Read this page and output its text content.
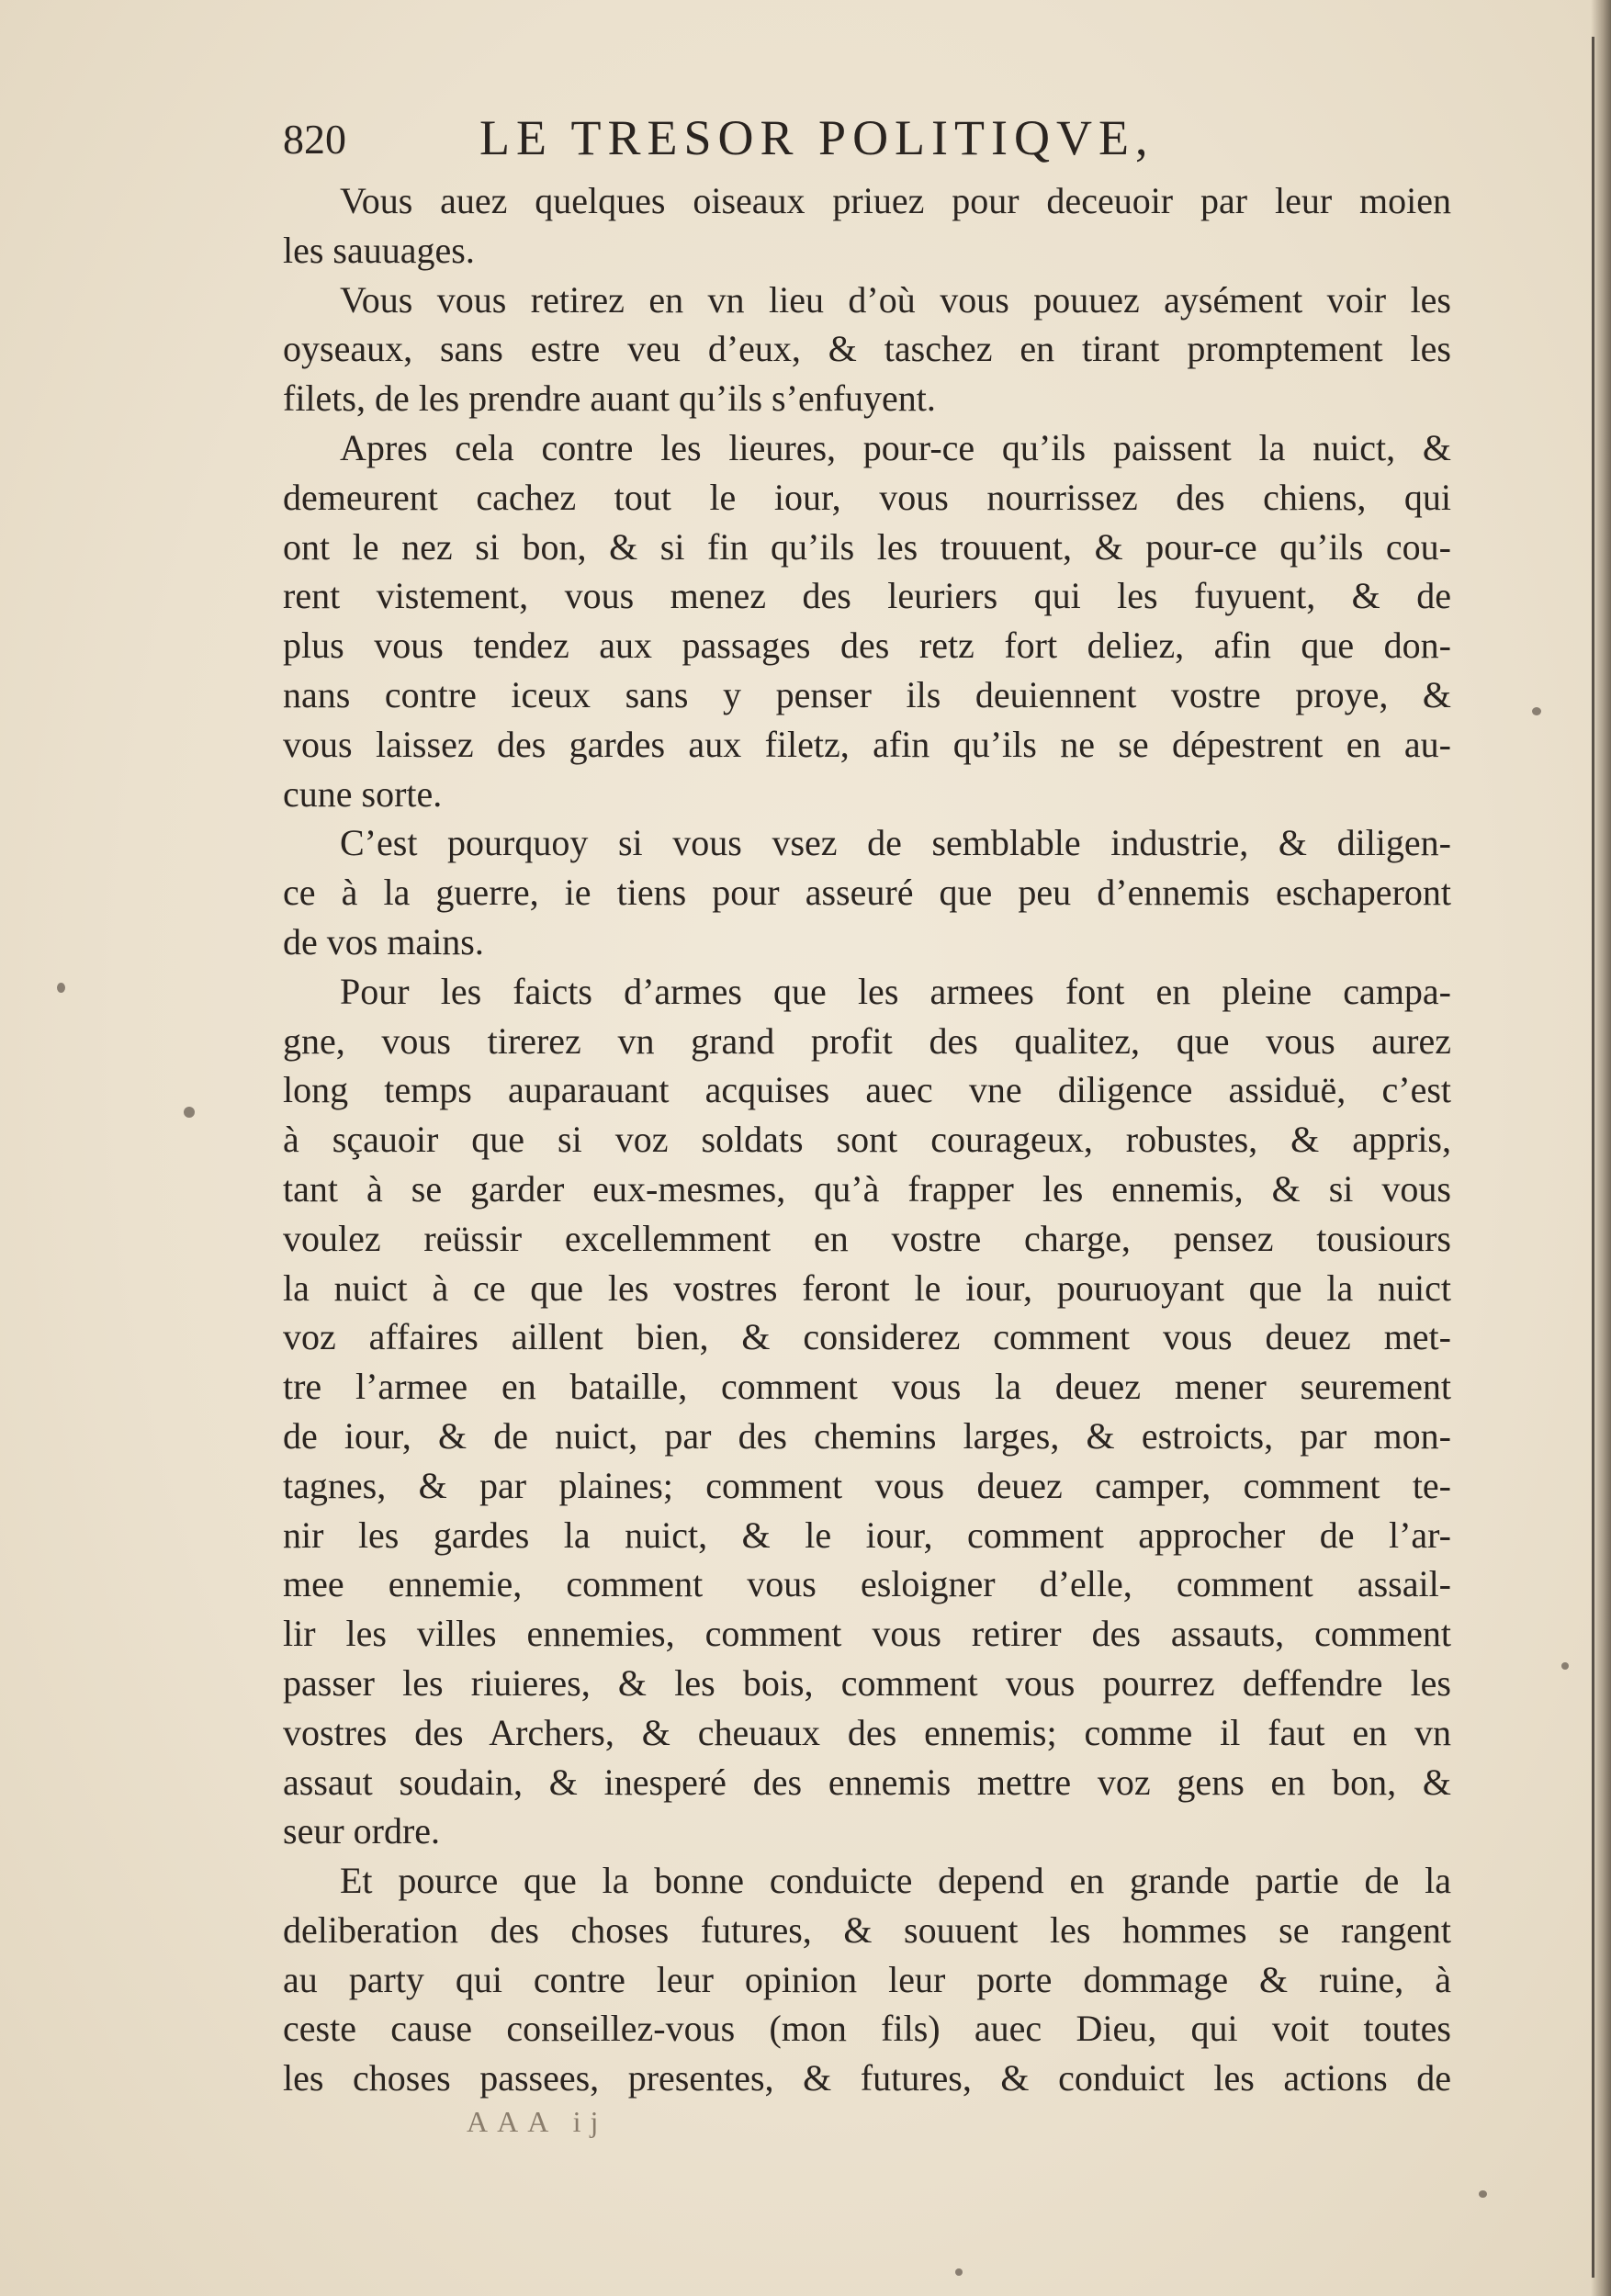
820	LE TRESOR POLITIQVE,
Vous auez quelques oiseaux priuez pour deceuoir par leur moien
les sauuages.
Vous vous retirez en vn lieu d’où vous pouuez aysément voir les
oyseaux, sans estre veu d’eux, & taschez en tirant promptement les
filets, de les prendre auant qu’ils s’enfuyent.
Apres cela contre les lieures, pour-ce qu’ils paissent la nuict, &
demeurent cachez tout le iour, vous nourrissez des chiens, qui
ont le nez si bon, & si fin qu’ils les trouuent, & pour-ce qu’ils cou-
rent vistement, vous menez des leuriers qui les fuyuent, & de
plus vous tendez aux passages des retz fort deliez, afin que don-
nans contre iceux sans y penser ils deuiennent vostre proye, &
vous laissez des gardes aux filetz, afin qu’ils ne se dépestrent en au-
cune sorte.
C’est pourquoy si vous vsez de semblable industrie, & diligen-
ce à la guerre, ie tiens pour asseuré que peu d’ennemis eschaperont
de vos mains.
Pour les faicts d’armes que les armees font en pleine campa-
gne, vous tirerez vn grand profit des qualitez, que vous aurez
long temps auparauant acquises auec vne diligence assiduë, c’est
à sçauoir que si voz soldats sont courageux, robustes, & appris,
tant à se garder eux-mesmes, qu’à frapper les ennemis, & si vous
voulez reüssir excellemment en vostre charge, pensez tousiours
la nuict à ce que les vostres feront le iour, pouruoyant que la nuict
voz affaires aillent bien, & considerez comment vous deuez met-
tre l’armee en bataille, comment vous la deuez mener seurement
de iour, & de nuict, par des chemins larges, & estroicts, par mon-
tagnes, & par plaines; comment vous deuez camper, comment te-
nir les gardes la nuict, & le iour, comment approcher de l’ar-
mee ennemie, comment vous esloigner d’elle, comment assail-
lir les villes ennemies, comment vous retirer des assauts, comment
passer les riuieres, & les bois, comment vous pourrez deffendre les
vostres des Archers, & cheuaux des ennemis; comme il faut en vn
assaut soudain, & inesperé des ennemis mettre voz gens en bon, &
seur ordre.
Et pource que la bonne conduicte depend en grande partie de la
deliberation des choses futures, & souuent les hommes se rangent
au party qui contre leur opinion leur porte dommage & ruine, à
ceste cause conseillez-vous (mon fils) auec Dieu, qui voit toutes
les choses passees, presentes, & futures, & conduict les actions de
AAA ij
